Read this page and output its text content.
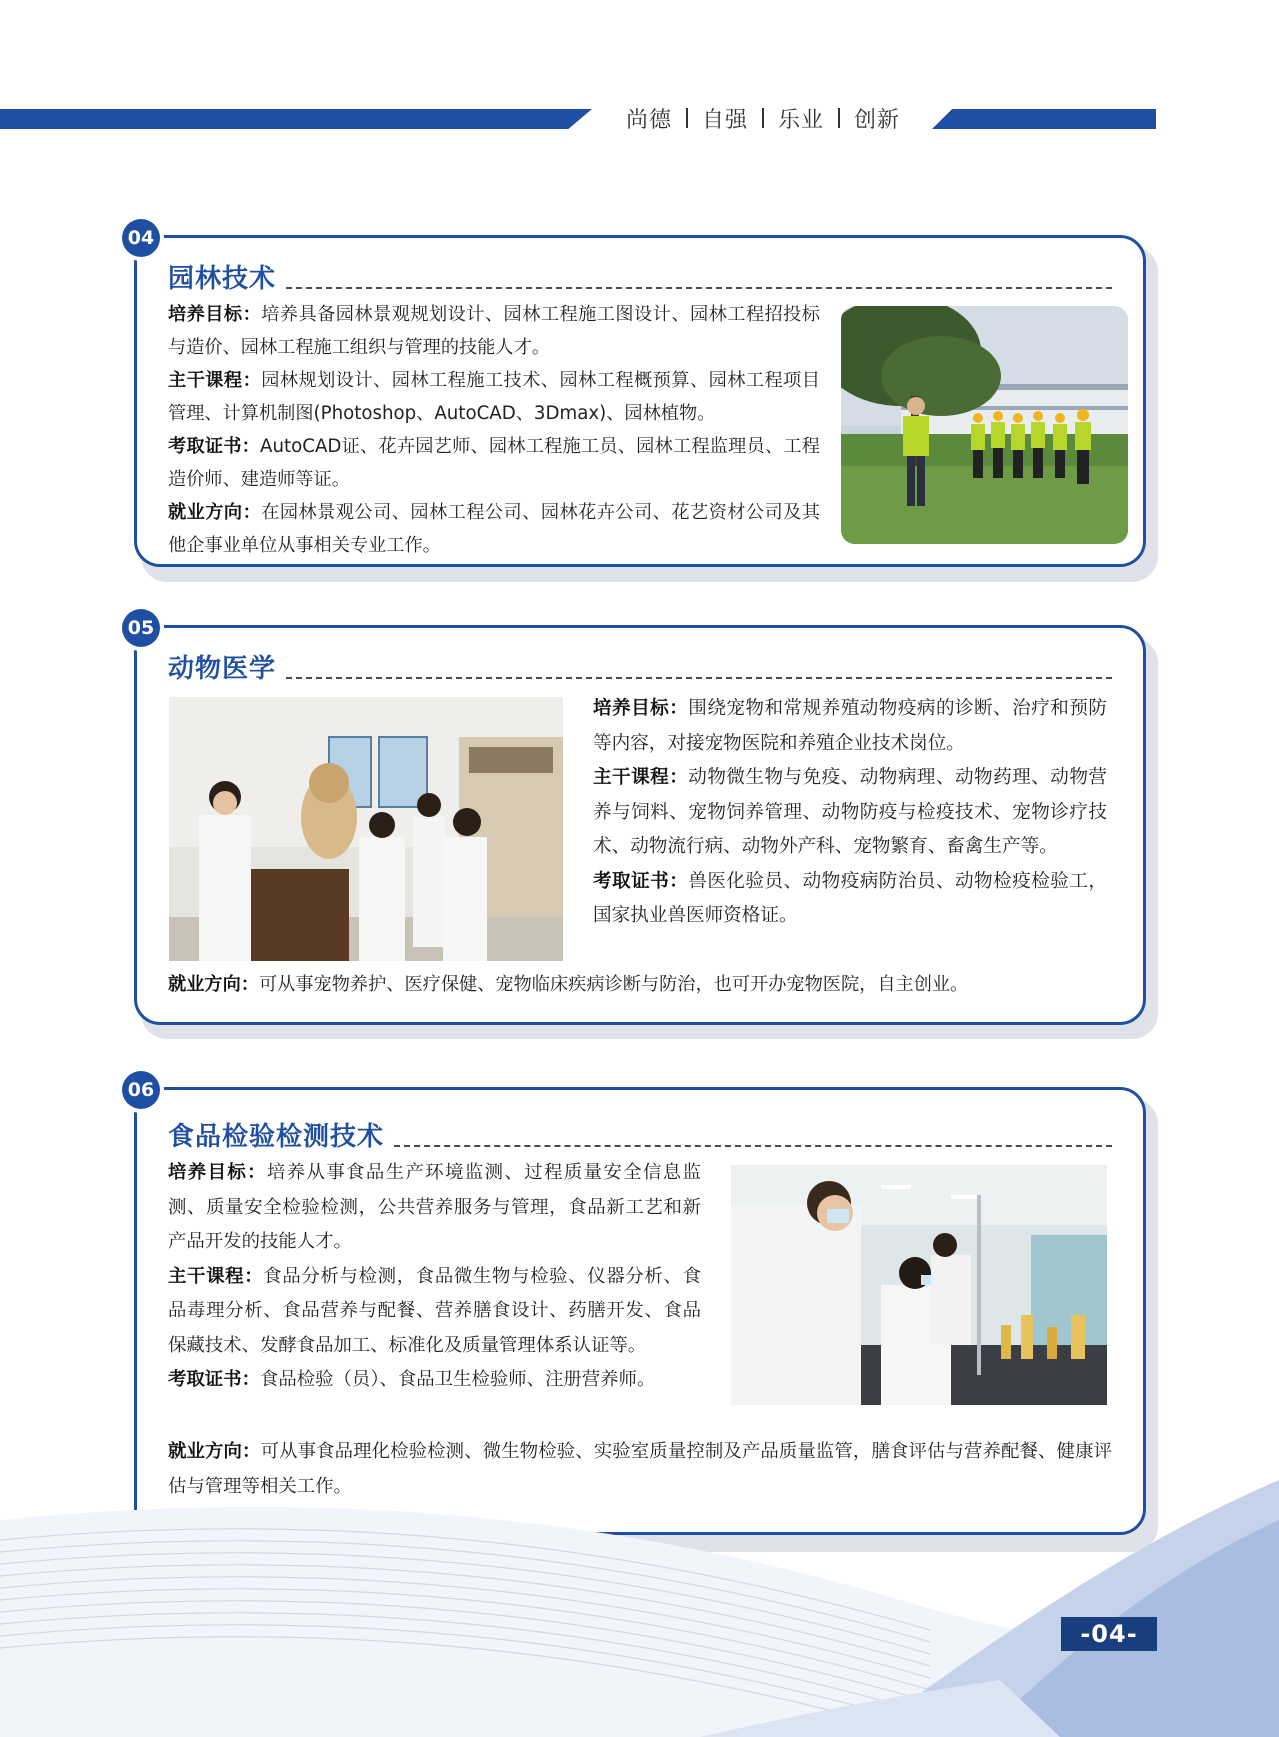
尚德 自强 乐业 创新
04
园林技术

培养目标：培养具备园林景观规划设计、园林工程施工图设计、园林工程招投标与造价、园林工程施工组织与管理的技能人才。

主干课程：园林规划设计、园林工程施工技术、园林工程概预算、园林工程项目管理、计算机制图(Photoshop、AutoCAD、3Dmax)、园林植物。

考取证书：AutoCAD证、花卉园艺师、园林工程施工员、园林工程监理员、工程造价师、建造师等证。

就业方向：在园林景观公司、园林工程公司、园林花卉公司、花艺资材公司及其他企事业单位从事相关专业工作。

05
动物医学

培养目标：围绕宠物和常规养殖动物疫病的诊断、治疗和预防等内容，对接宠物医院和养殖企业技术岗位。

主干课程：动物微生物与免疫、动物病理、动物药理、动物营养与饲料、宠物饲养管理、动物防疫与检疫技术、宠物诊疗技术、动物流行病、动物外产科、宠物繁育、畜禽生产等。

考取证书：兽医化验员、动物疫病防治员、动物检疫检验工，国家执业兽医师资格证。

就业方向：可从事宠物养护、医疗保健、宠物临床疾病诊断与防治，也可开办宠物医院，自主创业。

06
食品检验检测技术

培养目标：培养从事食品生产环境监测、过程质量安全信息监测、质量安全检验检测，公共营养服务与管理，食品新工艺和新产品开发的技能人才。

主干课程：食品分析与检测，食品微生物与检验、仪器分析、食品毒理分析、食品营养与配餐、营养膳食设计、药膳开发、食品保藏技术、发酵食品加工、标准化及质量管理体系认证等。

考取证书：食品检验（员）、食品卫生检验师、注册营养师。

就业方向：可从事食品理化检验检测、微生物检验、实验室质量控制及产品质量监管，膳食评估与营养配餐、健康评估与管理等相关工作。

-04-
